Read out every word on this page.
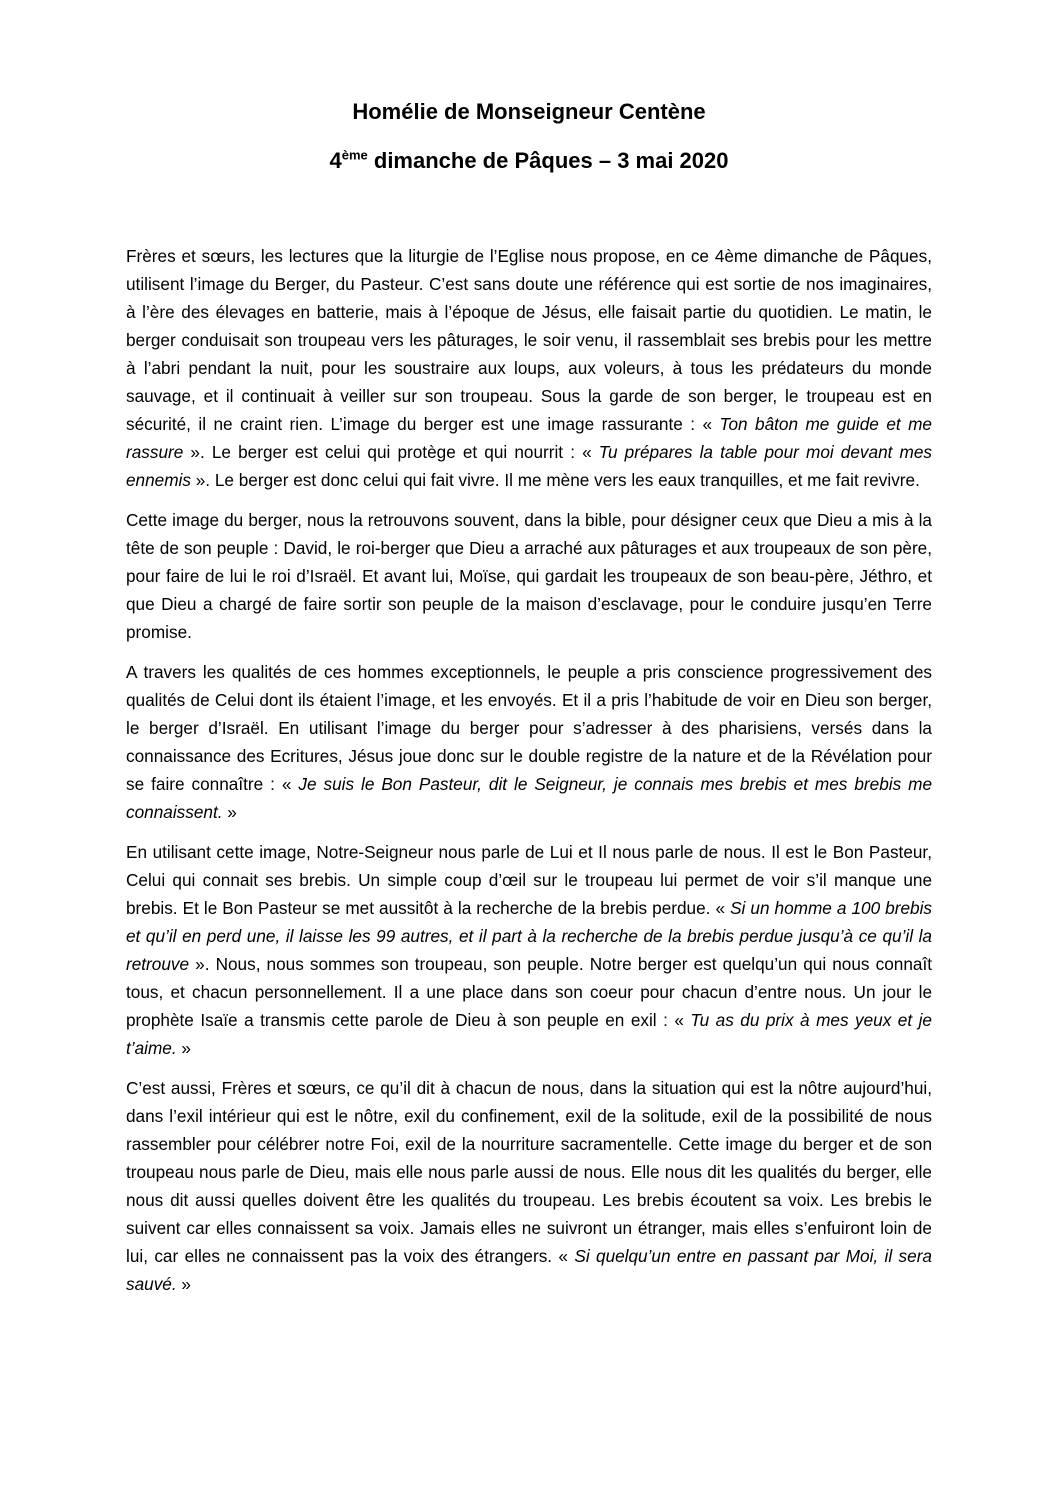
Homélie de Monseigneur Centène

4ème dimanche de Pâques – 3 mai 2020

Frères et sœurs, les lectures que la liturgie de l’Eglise nous propose, en ce 4ème dimanche de Pâques, utilisent l’image du Berger, du Pasteur. C’est sans doute une référence qui est sortie de nos imaginaires, à l’ère des élevages en batterie, mais à l’époque de Jésus, elle faisait partie du quotidien. Le matin, le berger conduisait son troupeau vers les pâturages, le soir venu, il rassemblait ses brebis pour les mettre à l’abri pendant la nuit, pour les soustraire aux loups, aux voleurs, à tous les prédateurs du monde sauvage, et il continuait à veiller sur son troupeau. Sous la garde de son berger, le troupeau est en sécurité, il ne craint rien. L’image du berger est une image rassurante : « Ton bâton me guide et me rassure ». Le berger est celui qui protège et qui nourrit : « Tu prépares la table pour moi devant mes ennemis ». Le berger est donc celui qui fait vivre. Il me mène vers les eaux tranquilles, et me fait revivre.

Cette image du berger, nous la retrouvons souvent, dans la bible, pour désigner ceux que Dieu a mis à la tête de son peuple : David, le roi-berger que Dieu a arraché aux pâturages et aux troupeaux de son père, pour faire de lui le roi d’Israël. Et avant lui, Moïse, qui gardait les troupeaux de son beau-père, Jéthro, et que Dieu a chargé de faire sortir son peuple de la maison d’esclavage, pour le conduire jusqu’en Terre promise.

A travers les qualités de ces hommes exceptionnels, le peuple a pris conscience progressivement des qualités de Celui dont ils étaient l’image, et les envoyés. Et il a pris l’habitude de voir en Dieu son berger, le berger d’Israël. En utilisant l’image du berger pour s’adresser à des pharisiens, versés dans la connaissance des Ecritures, Jésus joue donc sur le double registre de la nature et de la Révélation pour se faire connaître : « Je suis le Bon Pasteur, dit le Seigneur, je connais mes brebis et mes brebis me connaissent. »

En utilisant cette image, Notre-Seigneur nous parle de Lui et Il nous parle de nous. Il est le Bon Pasteur, Celui qui connait ses brebis. Un simple coup d’œil sur le troupeau lui permet de voir s’il manque une brebis. Et le Bon Pasteur se met aussitôt à la recherche de la brebis perdue. « Si un homme a 100 brebis et qu’il en perd une, il laisse les 99 autres, et il part à la recherche de la brebis perdue jusqu’à ce qu’il la retrouve ». Nous, nous sommes son troupeau, son peuple. Notre berger est quelqu’un qui nous connaît tous, et chacun personnellement. Il a une place dans son coeur pour chacun d’entre nous. Un jour le prophète Isaïe a transmis cette parole de Dieu à son peuple en exil : « Tu as du prix à mes yeux et je t’aime. »

C’est aussi, Frères et sœurs, ce qu’il dit à chacun de nous, dans la situation qui est la nôtre aujourd’hui, dans l’exil intérieur qui est le nôtre, exil du confinement, exil de la solitude, exil de la possibilité de nous rassembler pour célébrer notre Foi, exil de la nourriture sacramentelle. Cette image du berger et de son troupeau nous parle de Dieu, mais elle nous parle aussi de nous. Elle nous dit les qualités du berger, elle nous dit aussi quelles doivent être les qualités du troupeau. Les brebis écoutent sa voix. Les brebis le suivent car elles connaissent sa voix. Jamais elles ne suivront un étranger, mais elles s’enfuiront loin de lui, car elles ne connaissent pas la voix des étrangers. « Si quelqu’un entre en passant par Moi, il sera sauvé. »
